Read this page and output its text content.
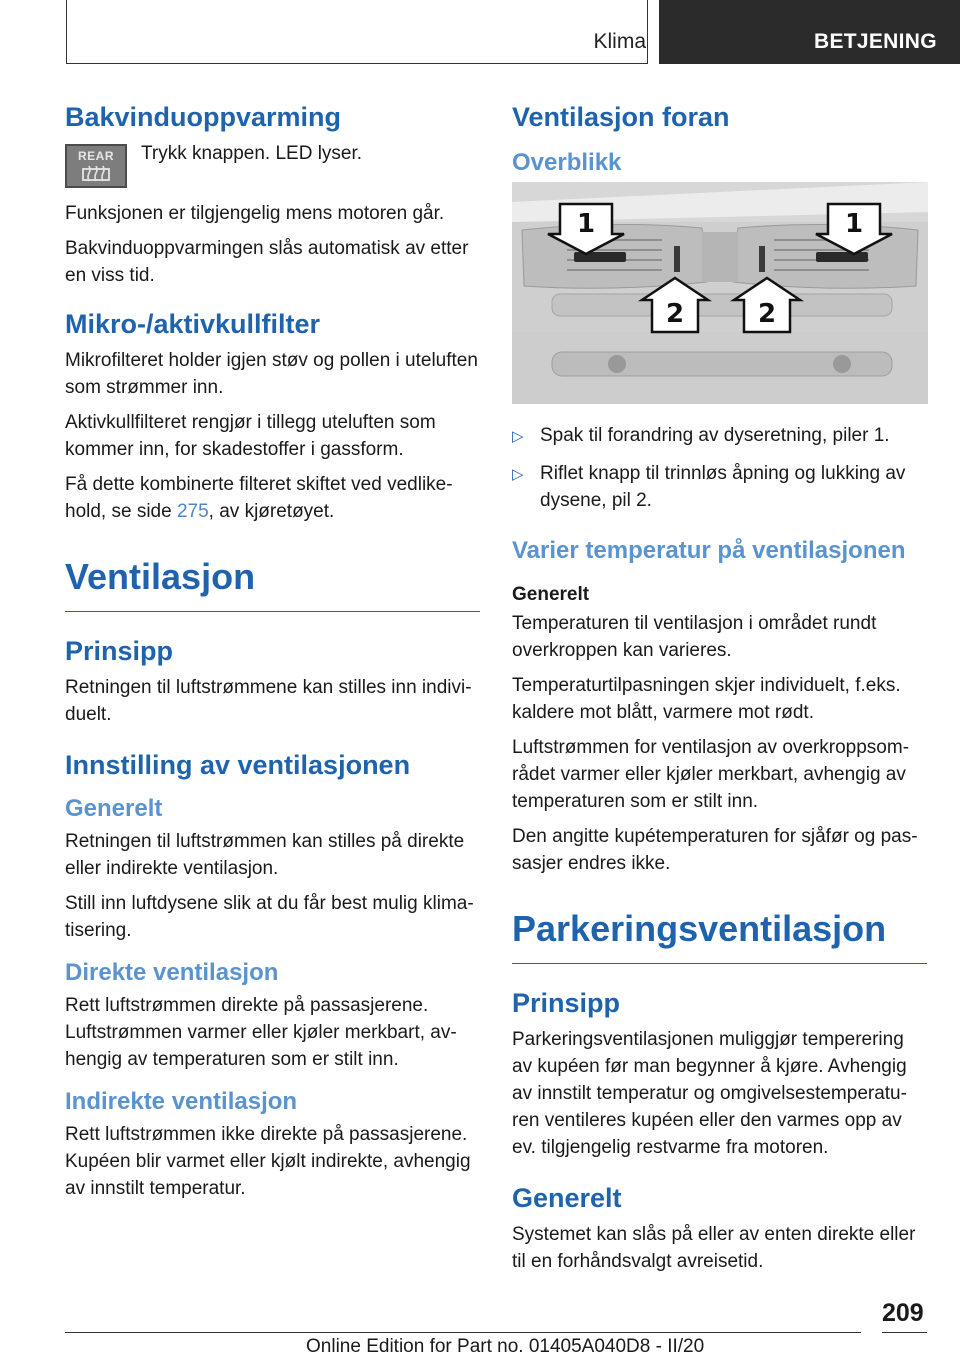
Klima	BETJENING
Bakvinduoppvarming
REAR	Trykk knappen. LED lyser.

Funksjonen er tilgjengelig mens motoren går.

Bakvinduoppvarmingen slås automatisk av etter en viss tid.

Mikro-/aktivkullfilter

Mikrofilteret holder igjen støv og pollen i uteluften som strømmer inn.

Aktivkullfilteret rengjør i tillegg uteluften som kommer inn, for skadestoffer i gassform.

Få dette kombinerte filteret skiftet ved vedlikehold, se side 275, av kjøretøyet.

Ventilasjon
Prinsipp

Retningen til luftstrømmene kan stilles inn individuelt.

Innstilling av ventilasjonen
Generelt

Retningen til luftstrømmen kan stilles på direkte eller indirekte ventilasjon.

Still inn luftdysene slik at du får best mulig klimatisering.

Direkte ventilasjon

Rett luftstrømmen direkte på passasjerene. Luftstrømmen varmer eller kjøler merkbart, avhengig av temperaturen som er stilt inn.

Indirekte ventilasjon

Rett luftstrømmen ikke direkte på passasjerene. Kupéen blir varmet eller kjølt indirekte, avhengig av innstilt temperatur.

Ventilasjon foran
Overblikk
1	1
2	2
▷ Spak til forandring av dyseretning, piler 1.
▷ Riflet knapp til trinnløs åpning og lukking av dysene, pil 2.
Varier temperatur på ventilasjonen
Generelt

Temperaturen til ventilasjon i området rundt overkroppen kan varieres.

Temperaturtilpasningen skjer individuelt, f.eks. kaldere mot blått, varmere mot rødt.

Luftstrømmen for ventilasjon av overkroppsområdet varmer eller kjøler merkbart, avhengig av temperaturen som er stilt inn.

Den angitte kupétemperaturen for sjåfør og passasjer endres ikke.

Parkeringsventilasjon
Prinsipp

Parkeringsventilasjonen muliggjør temperering av kupéen før man begynner å kjøre. Avhengig av innstilt temperatur og omgivelsestemperaturen ventileres kupéen eller den varmes opp av ev. tilgjengelig restvarme fra motoren.

Generelt

Systemet kan slås på eller av enten direkte eller til en forhåndsvalgt avreisetid.

209
Online Edition for Part no. 01405A040D8 - II/20
